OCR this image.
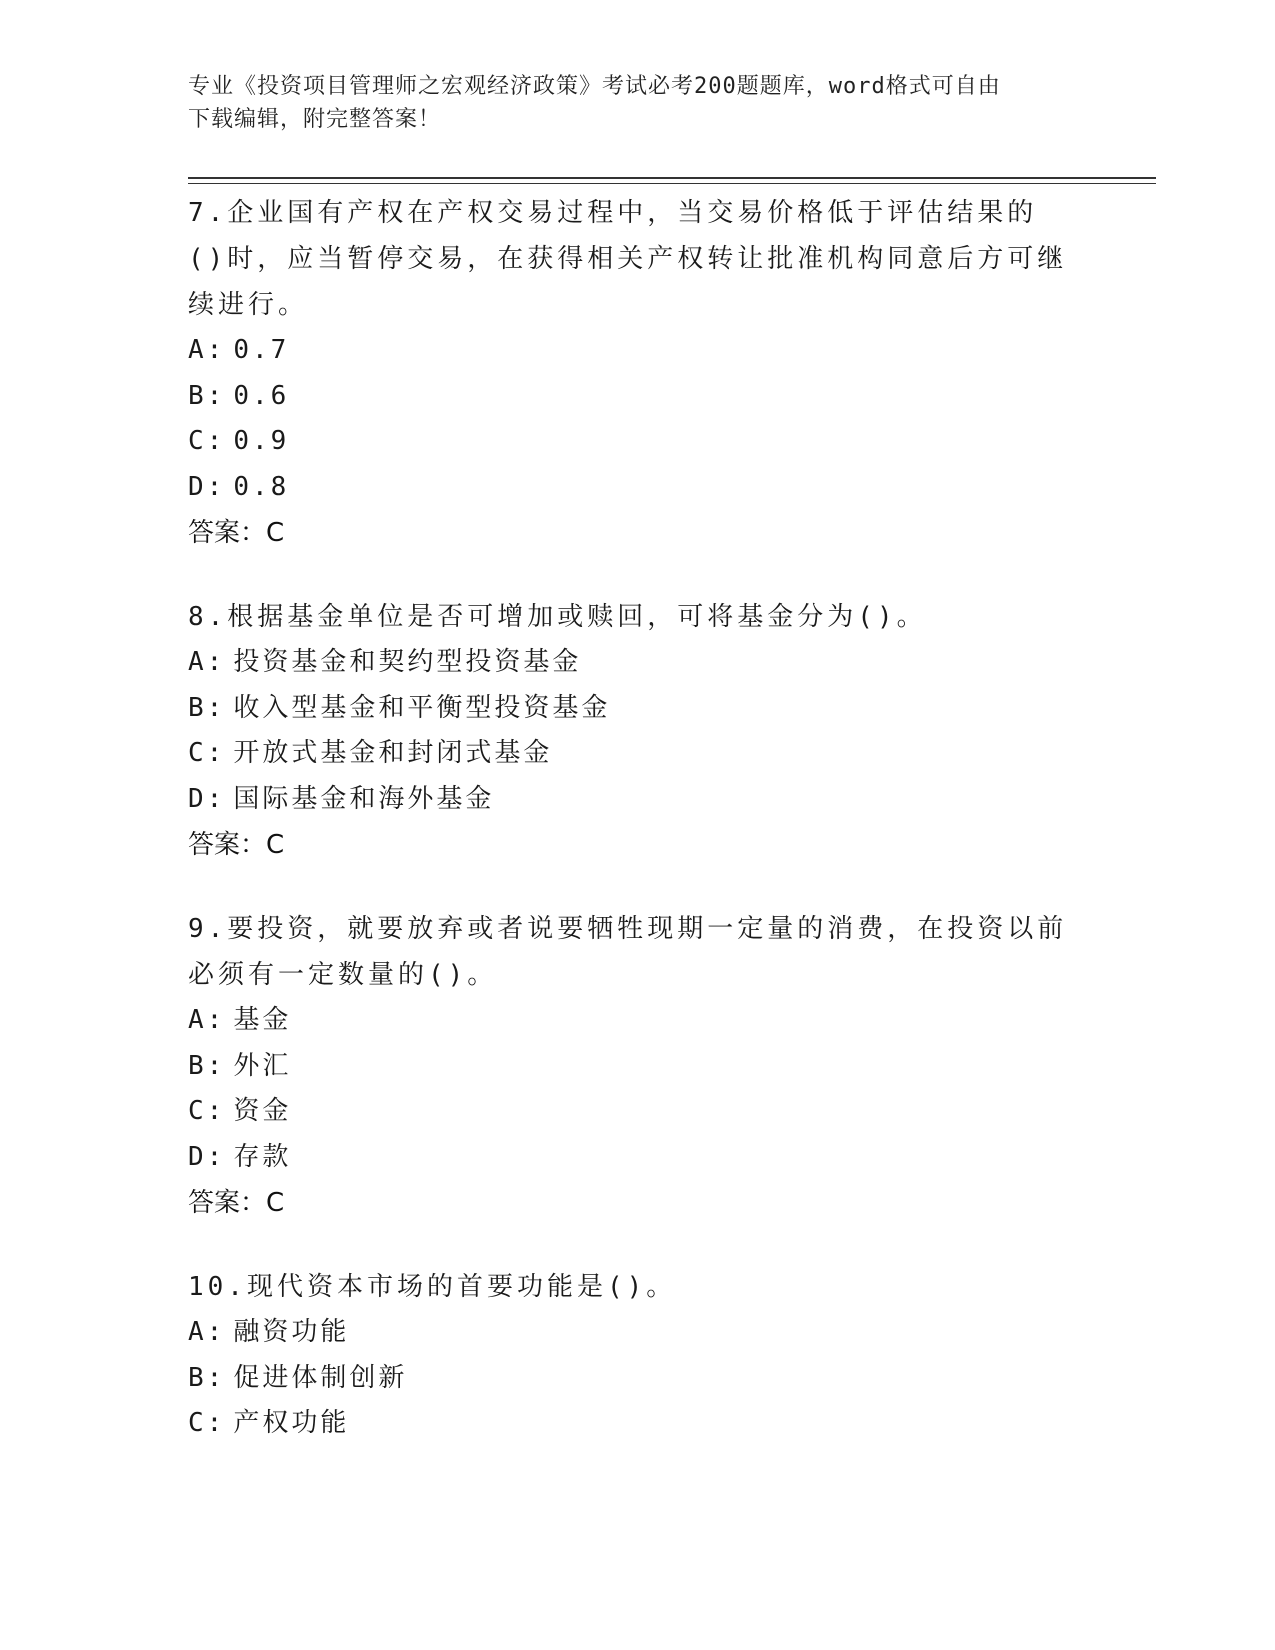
专业《投资项目管理师之宏观经济政策》考试必考200题题库，word格式可自由
下载编辑，附完整答案！

7.企业国有产权在产权交易过程中，当交易价格低于评估结果的()时，应当暂停交易，在获得相关产权转让批准机构同意后方可继续进行。

A: 0.7

B: 0.6

C: 0.9

D: 0.8

答案：C

8.根据基金单位是否可增加或赎回，可将基金分为()。

A: 投资基金和契约型投资基金

B: 收入型基金和平衡型投资基金

C: 开放式基金和封闭式基金

D: 国际基金和海外基金

答案：C

9.要投资，就要放弃或者说要牺牲现期一定量的消费，在投资以前必须有一定数量的()。

A: 基金

B: 外汇

C: 资金

D: 存款

答案：C

10.现代资本市场的首要功能是()。

A: 融资功能

B: 促进体制创新

C: 产权功能
